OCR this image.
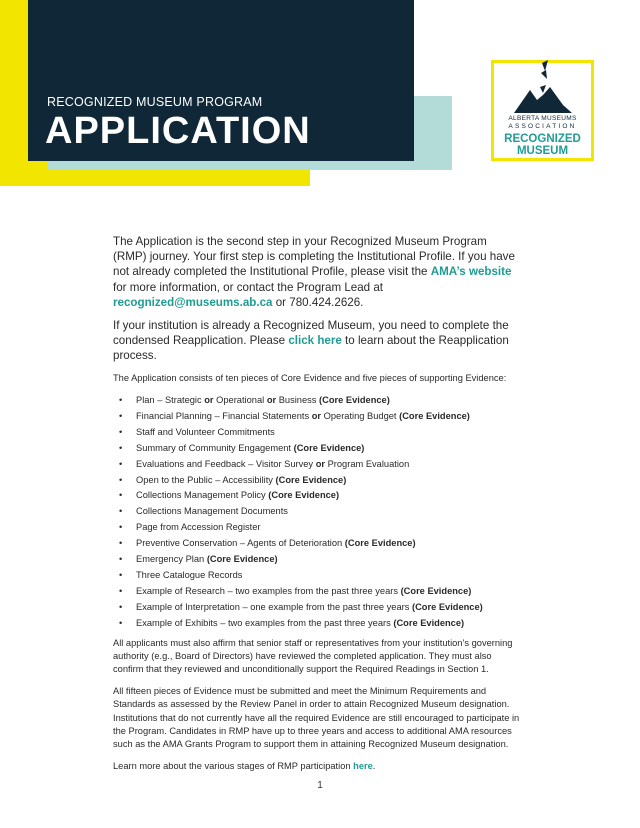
RECOGNIZED MUSEUM PROGRAM
APPLICATION	ALBERTA MUSEUMS
ASSOCIATION
RECOGNIZED
MUSEUM

The Application is the second step in your Recognized Museum Program (RMP) journey. Your first step is completing the Institutional Profile. If you have not already completed the Institutional Profile, please visit the AMA’s website for more information, or contact the Program Lead at recognized@museums.ab.ca or 780.424.2626.

If your institution is already a Recognized Museum, you need to complete the condensed Reapplication. Please click here to learn about the Reapplication process.

The Application consists of ten pieces of Core Evidence and five pieces of supporting Evidence:

• Plan – Strategic or Operational or Business (Core Evidence)
• Financial Planning – Financial Statements or Operating Budget (Core Evidence)
• Staff and Volunteer Commitments
• Summary of Community Engagement (Core Evidence)
• Evaluations and Feedback – Visitor Survey or Program Evaluation
• Open to the Public – Accessibility (Core Evidence)
• Collections Management Policy (Core Evidence)
• Collections Management Documents
• Page from Accession Register
• Preventive Conservation – Agents of Deterioration (Core Evidence)
• Emergency Plan (Core Evidence)
• Three Catalogue Records
• Example of Research – two examples from the past three years (Core Evidence)
• Example of Interpretation – one example from the past three years (Core Evidence)
• Example of Exhibits – two examples from the past three years (Core Evidence)

All applicants must also affirm that senior staff or representatives from your institution’s governing authority (e.g., Board of Directors) have reviewed the completed application. They must also confirm that they reviewed and unconditionally support the Required Readings in Section 1.

All fifteen pieces of Evidence must be submitted and meet the Minimum Requirements and Standards as assessed by the Review Panel in order to attain Recognized Museum designation. Institutions that do not currently have all the required Evidence are still encouraged to participate in the Program. Candidates in RMP have up to three years and access to additional AMA resources such as the AMA Grants Program to support them in attaining Recognized Museum designation.

Learn more about the various stages of RMP participation here.

1
